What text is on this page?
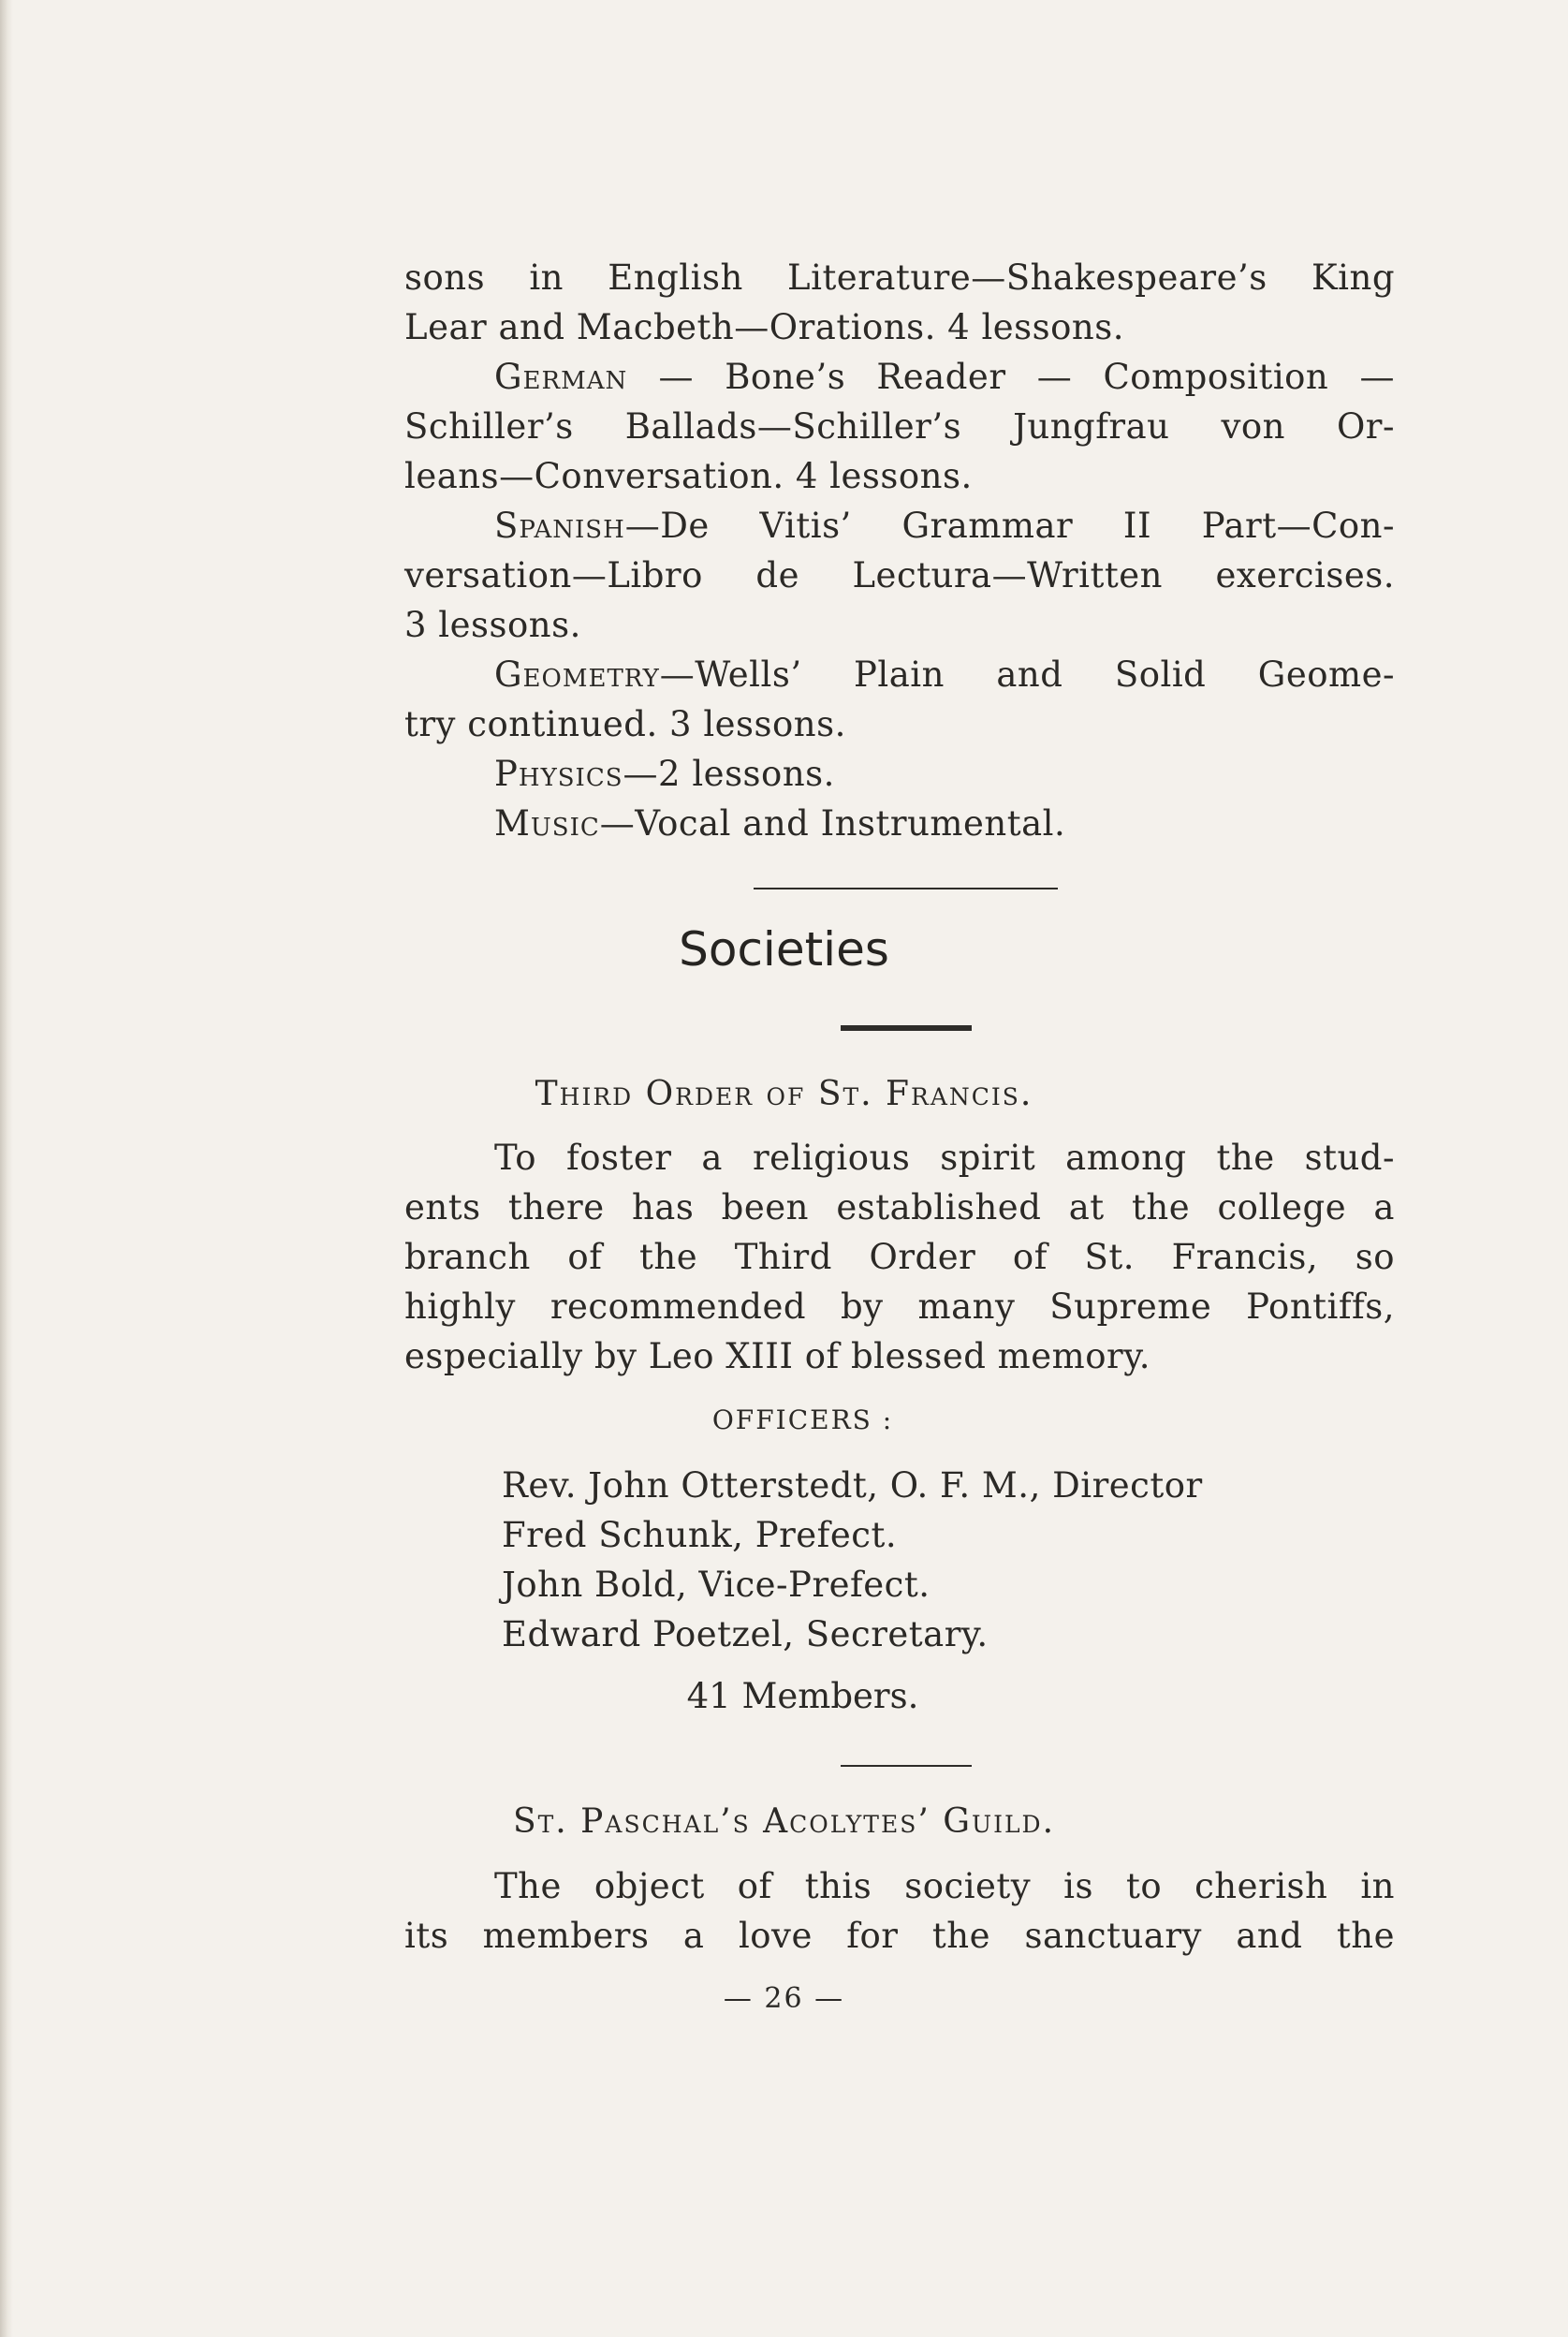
sons in English Literature—Shakespeare’s King
Lear and Macbeth—Orations. 4 lessons.
German — Bone’s Reader — Composition —
Schiller’s Ballads—Schiller’s Jungfrau von Or-
leans—Conversation. 4 lessons.
Spanish—De Vitis’ Grammar II Part—Con-
versation—Libro de Lectura—Written exercises.
3 lessons.
Geometry—Wells’ Plain and Solid Geome-
try continued. 3 lessons.
Physics—2 lessons.
Music—Vocal and Instrumental.
Societies
Third Order of St. Francis.
To foster a religious spirit among the stud-
ents there has been established at the college a
branch of the Third Order of St. Francis, so
highly recommended by many Supreme Pontiffs,
especially by Leo XIII of blessed memory.
OFFICERS :
Rev. John Otterstedt, O. F. M., Director
Fred Schunk, Prefect.
John Bold, Vice-Prefect.
Edward Poetzel, Secretary.
41 Members.
St. Paschal’s Acolytes’ Guild.
The object of this society is to cherish in
its members a love for the sanctuary and the
— 26 —
